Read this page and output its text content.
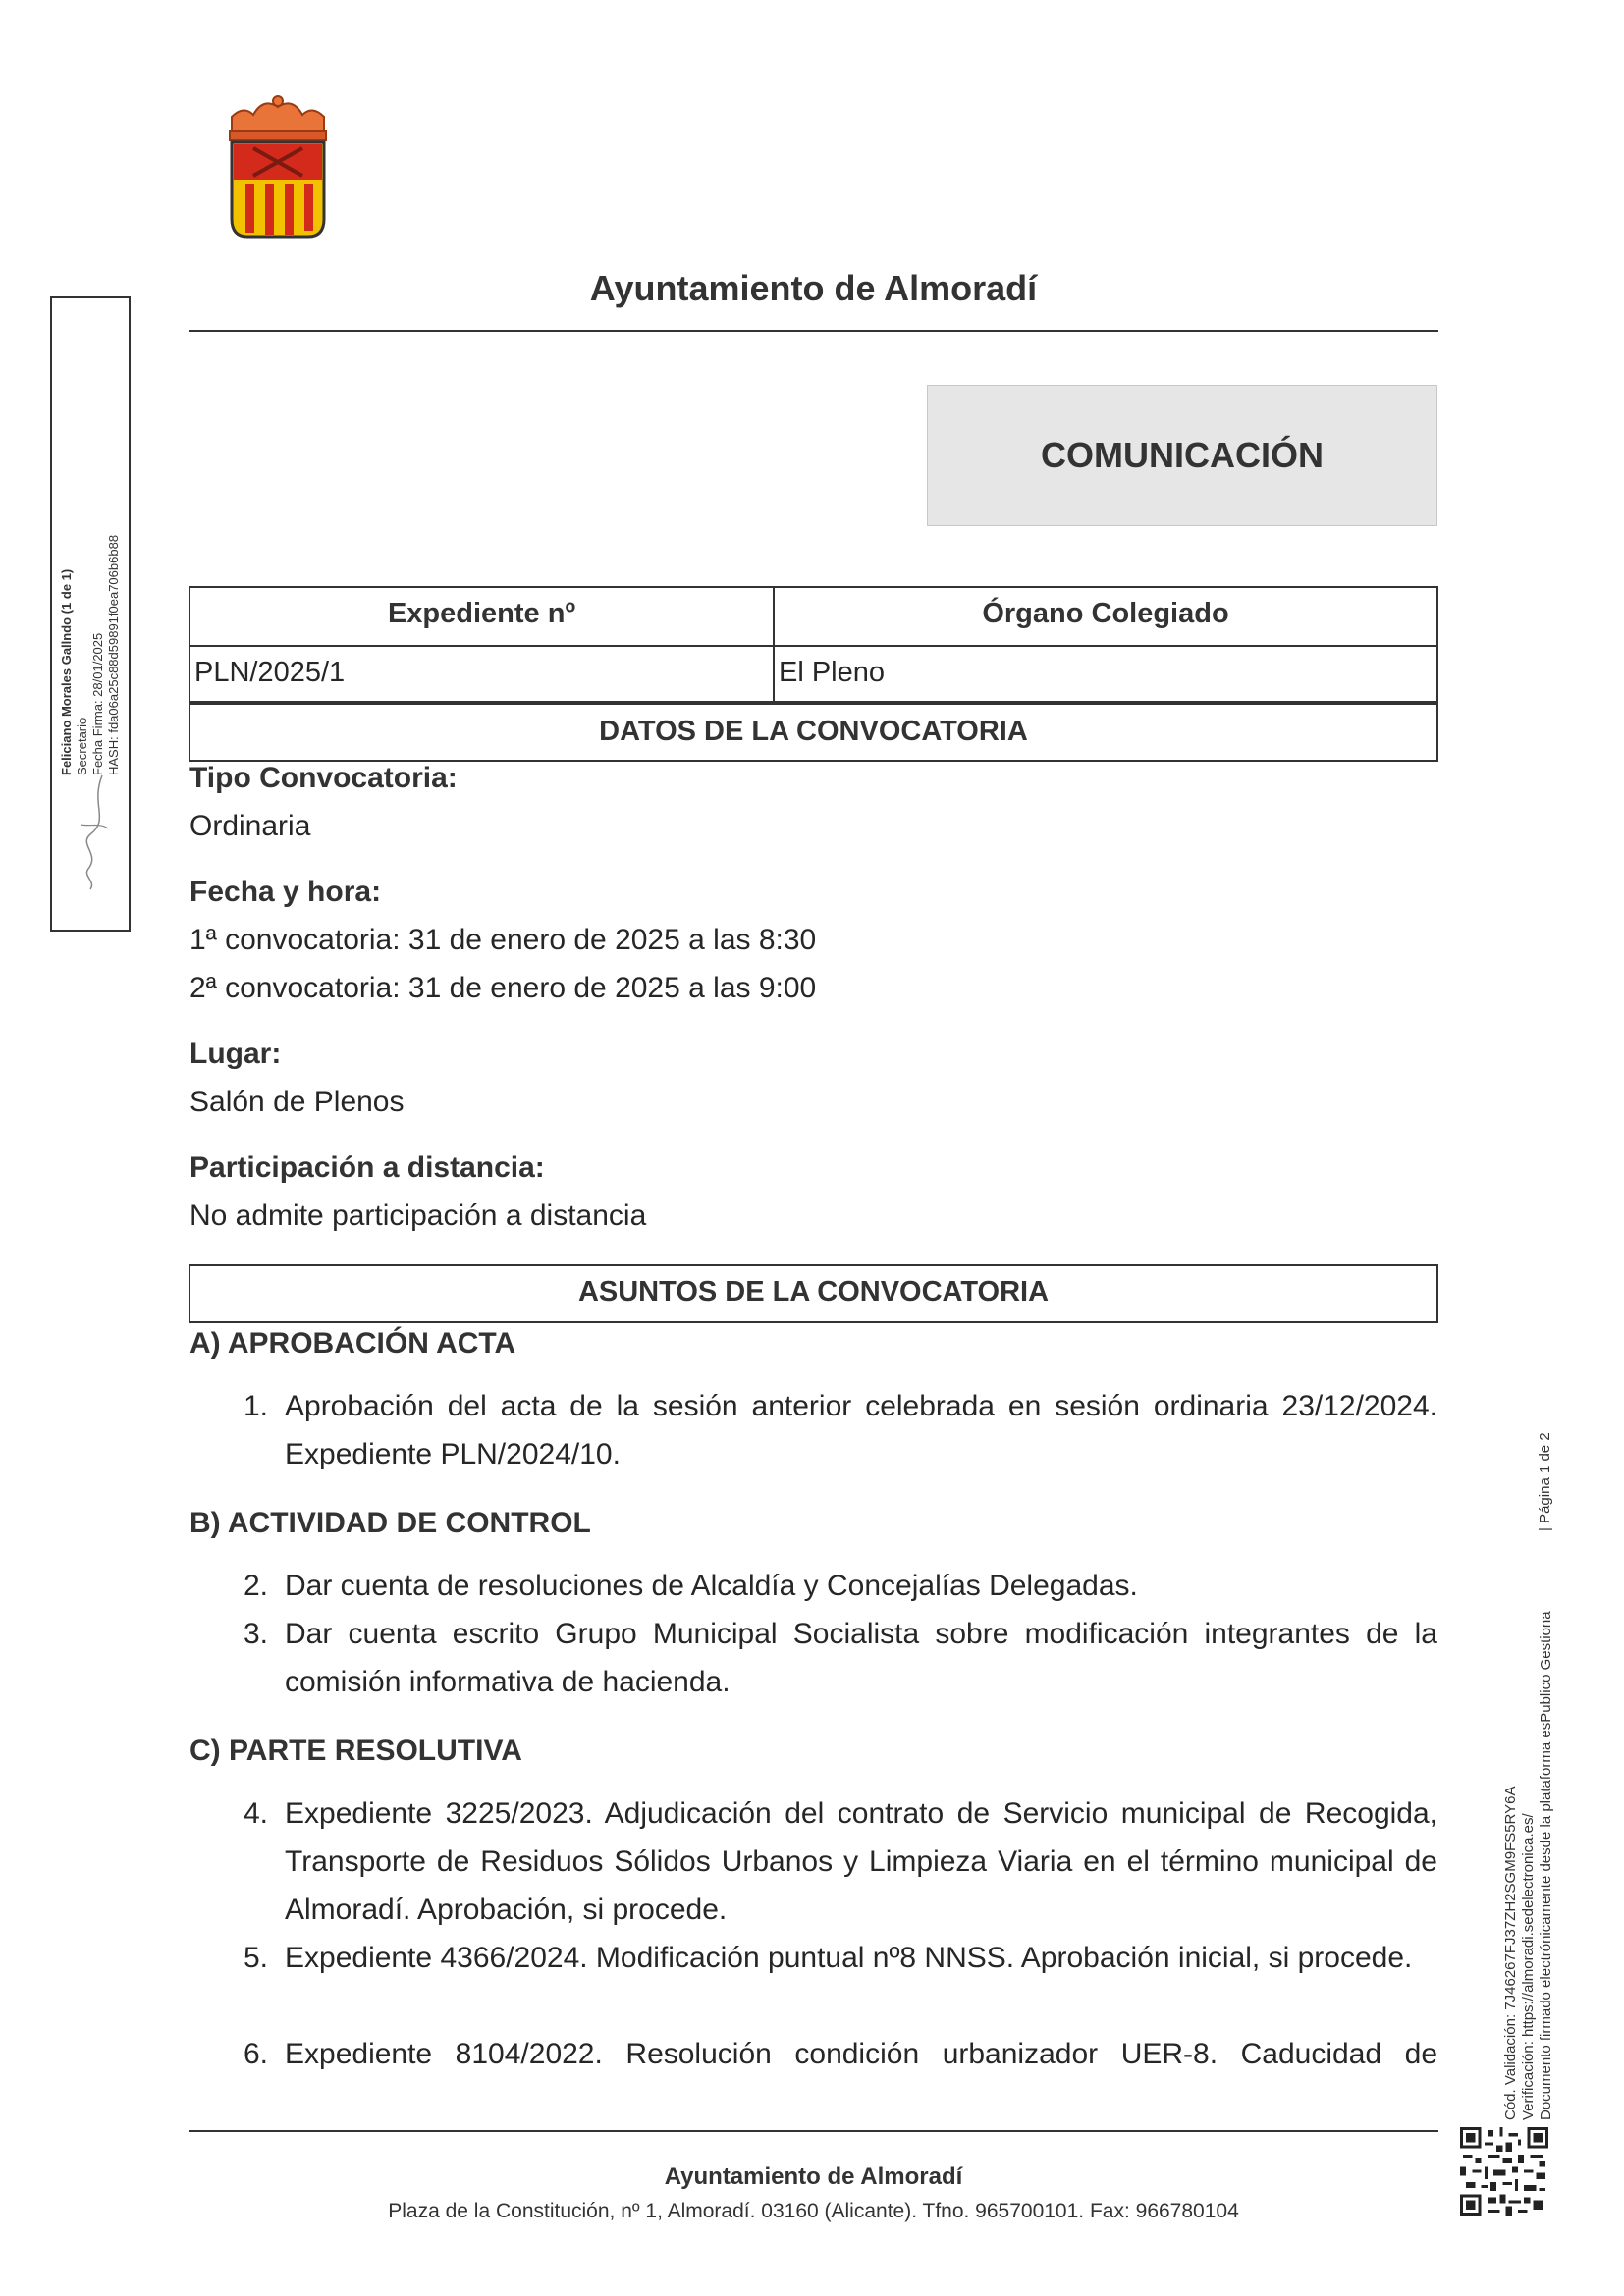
Ayuntamiento de Almoradí
COMUNICACIÓN
Expediente nº	Órgano Colegiado
PLN/2025/1	El Pleno
DATOS DE LA CONVOCATORIA
Tipo Convocatoria:
Ordinaria
Fecha y hora:
1ª convocatoria: 31 de enero de 2025 a las 8:30
2ª convocatoria: 31 de enero de 2025 a las 9:00
Lugar:
Salón de Plenos
Participación a distancia:
No admite participación a distancia
ASUNTOS DE LA CONVOCATORIA
A) APROBACIÓN ACTA
1. Aprobación del acta de la sesión anterior celebrada en sesión ordinaria 23/12/2024. Expediente PLN/2024/10.
B) ACTIVIDAD DE CONTROL
2. Dar cuenta de resoluciones de Alcaldía y Concejalías Delegadas.
3. Dar cuenta escrito Grupo Municipal Socialista sobre modificación integrantes de la comisión informativa de hacienda.
C) PARTE RESOLUTIVA
4. Expediente 3225/2023. Adjudicación del contrato de Servicio municipal de Recogida, Transporte de Residuos Sólidos Urbanos y Limpieza Viaria en el término municipal de Almoradí. Aprobación, si procede.
5. Expediente 4366/2024. Modificación puntual nº8 NNSS. Aprobación inicial, si procede.
6. Expediente 8104/2022. Resolución condición urbanizador UER-8. Caducidad de
Ayuntamiento de Almoradí
Plaza de la Constitución, nº 1, Almoradí. 03160 (Alicante). Tfno. 965700101. Fax: 966780104
Feliciano Morales Gallndo (1 de 1) Secretario Fecha Firma: 28/01/2025 HASH: fda06a25c88d59891f0ea706b6b88
| Página 1 de 2
Cód. Validación: 7J46267FJ37ZH2SGM9FS5RY6A Verificación: https://almoradi.sedelectronica.es/ Documento firmado electrónicamente desde la plataforma esPublico Gestiona
